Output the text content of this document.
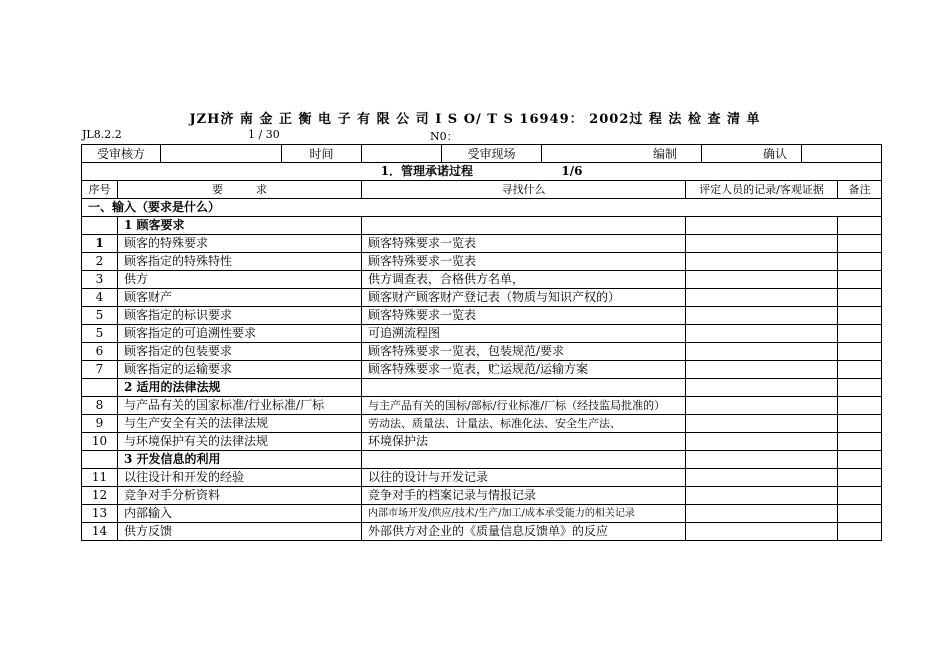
JZH济 南 金 正 衡 电 子 有 限 公 司 I S O/ T S 16949： 2002过 程 法 检 查 清 单
JL8.2.2	1 / 30	N0：
受审核方		时间		受审现场	编制	确认	
1．管理承诺过程 1/6				
序号	要　　　求	寻找什么	评定人员的记录/客观证据	备注
一、输入（要求是什么）				
	1 顾客要求			
1	顾客的特殊要求	顾客特殊要求一览表		
2	顾客指定的特殊特性	顾客特殊要求一览表		
3	供方	供方调查表，合格供方名单，		
4	顾客财产	顾客财产顾客财产登记表（物质与知识产权的）		
5	顾客指定的标识要求	顾客特殊要求一览表		
5	顾客指定的可追溯性要求	可追溯流程图		
6	顾客指定的包装要求	顾客特殊要求一览表，包装规范/要求		
7	顾客指定的运输要求	顾客特殊要求一览表，贮运规范/运输方案		
	2 适用的法律法规			
8	与产品有关的国家标准/行业标准/厂标	与主产品有关的国标/部标/行业标准/厂标（经技监局批准的）		
9	与生产安全有关的法律法规	劳动法、质量法、计量法、标准化法、安全生产法、		
10	与环境保护有关的法律法规	环境保护法		
	3 开发信息的利用			
11	以往设计和开发的经验	以往的设计与开发记录		
12	竞争对手分析资料	竞争对手的档案记录与情报记录		
13	内部输入	内部市场开发/供应/技术/生产/加工/成本承受能力的相关记录		
14	供方反馈	外部供方对企业的《质量信息反馈单》的反应		
